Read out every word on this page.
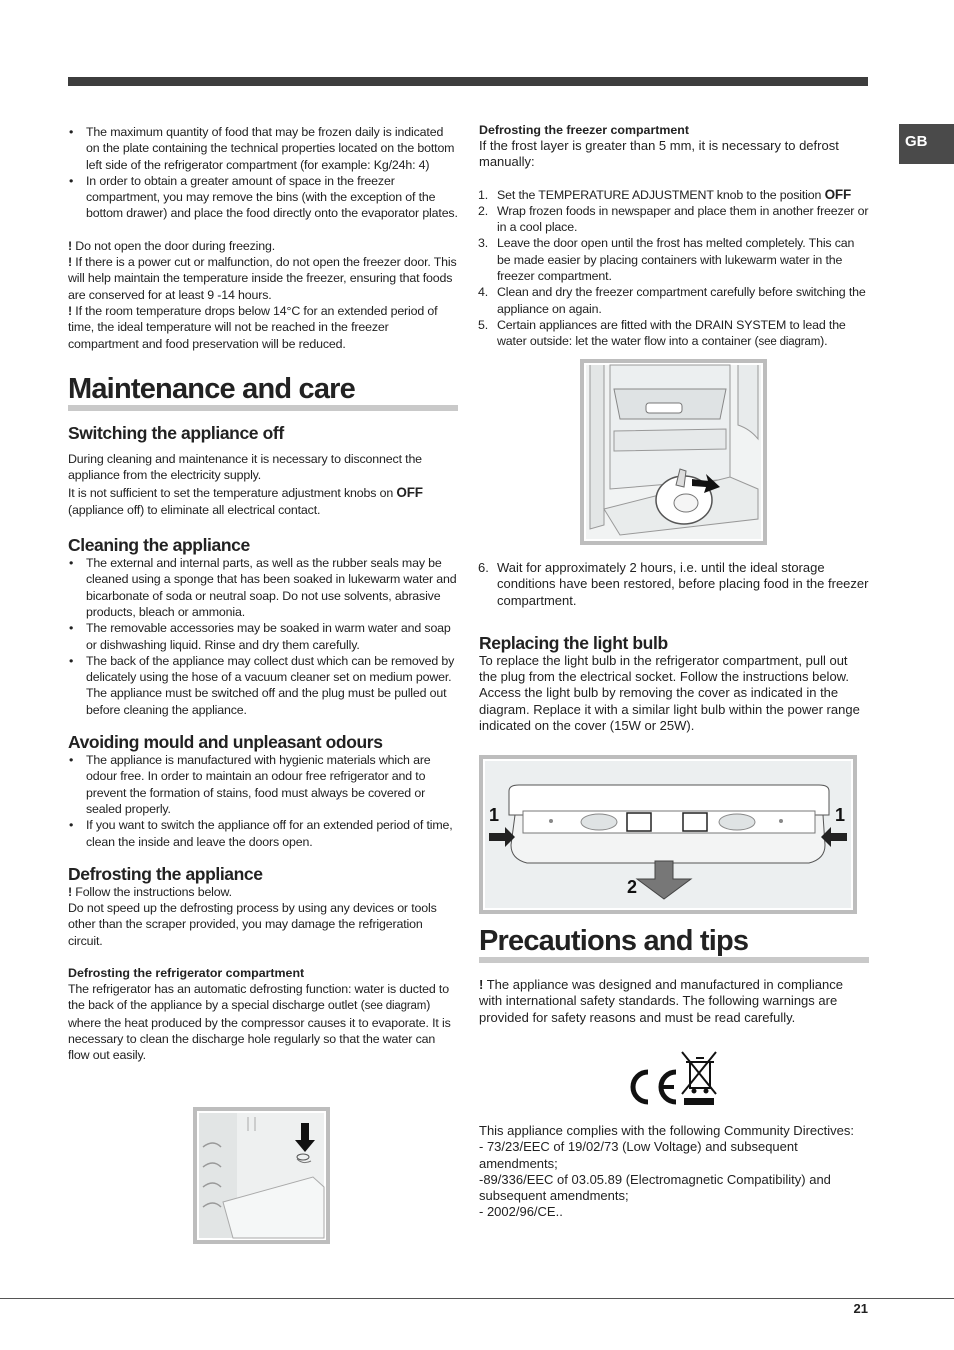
GB
• The maximum quantity of food that may be frozen daily is indicated on the plate containing the technical properties located on the bottom left side of the refrigerator compartment (for example: Kg/24h: 4)
• In order to obtain a greater amount of space in the freezer compartment, you may remove the bins (with the exception of the bottom drawer) and place the food directly onto the evaporator plates.

! Do not open the door during freezing.

! If there is a power cut or malfunction, do not open the freezer door. This will help maintain the temperature inside the freezer, ensuring that foods are conserved for at least 9 -14 hours.

! If the room temperature drops below 14°C for an extended period of time, the ideal temperature will not be reached in the freezer compartment and food preservation will be reduced.

Maintenance and care
Switching the appliance off

During cleaning and maintenance it is necessary to disconnect the appliance from the electricity supply.

It is not sufficient to set the temperature adjustment knobs on OFF (appliance off) to eliminate all electrical contact.

Cleaning the appliance
• The external and internal parts, as well as the rubber seals may be cleaned using a sponge that has been soaked in lukewarm water and bicarbonate of soda or neutral soap. Do not use solvents, abrasive products, bleach or ammonia.
• The removable accessories may be soaked in warm water and soap or dishwashing liquid. Rinse and dry them carefully.
• The back of the appliance may collect dust which can be removed by delicately using the hose of a vacuum cleaner set on medium power. The appliance must be switched off and the plug must be pulled out before cleaning the appliance.
Avoiding mould and unpleasant odours
• The appliance is manufactured with hygienic materials which are odour free. In order to maintain an odour free refrigerator and to prevent the formation of stains, food must always be covered or sealed properly.
• If you want to switch the appliance off for an extended period of time, clean the inside and leave the doors open.
Defrosting the appliance

! Follow the instructions below.

Do not speed up the defrosting process by using any devices or tools other than the scraper provided, you may damage the refrigeration circuit.

Defrosting the refrigerator compartment

The refrigerator has an automatic defrosting function: water is ducted to the back of the appliance by a special discharge outlet (see diagram) where the heat produced by the compressor causes it to evaporate. It is necessary to clean the discharge hole regularly so that the water can flow out easily.

Defrosting the freezer compartment

If the frost layer is greater than 5 mm, it is necessary to defrost manually:

1. Set the TEMPERATURE ADJUSTMENT knob to the position OFF
2. Wrap frozen foods in newspaper and place them in another freezer or in a cool place.
3. Leave the door open until the frost has melted completely. This can be made easier by placing containers with lukewarm water in the freezer compartment.
4. Clean and dry the freezer compartment carefully before switching the appliance on again.
5. Certain appliances are fitted with the DRAIN SYSTEM to lead the water outside: let the water flow into a container (see diagram).
6. Wait for approximately 2 hours, i.e. until the ideal storage conditions have been restored, before placing food in the freezer compartment.
Replacing the light bulb

To replace the light bulb in the refrigerator compartment, pull out the plug from the electrical socket. Follow the instructions below.

Access the light bulb by removing the cover as indicated in the diagram. Replace it with a similar light bulb within the power range indicated on the cover (15W or 25W).

1	1
2
Precautions and tips

! The appliance was designed and manufactured in compliance with international safety standards. The following warnings are provided for safety reasons and must be read carefully.

This appliance complies with the following Community Directives:

- 73/23/EEC of 19/02/73 (Low Voltage) and subsequent amendments;

-89/336/EEC of 03.05.89 (Electromagnetic Compatibility) and subsequent amendments;

- 2002/96/CE..

21
